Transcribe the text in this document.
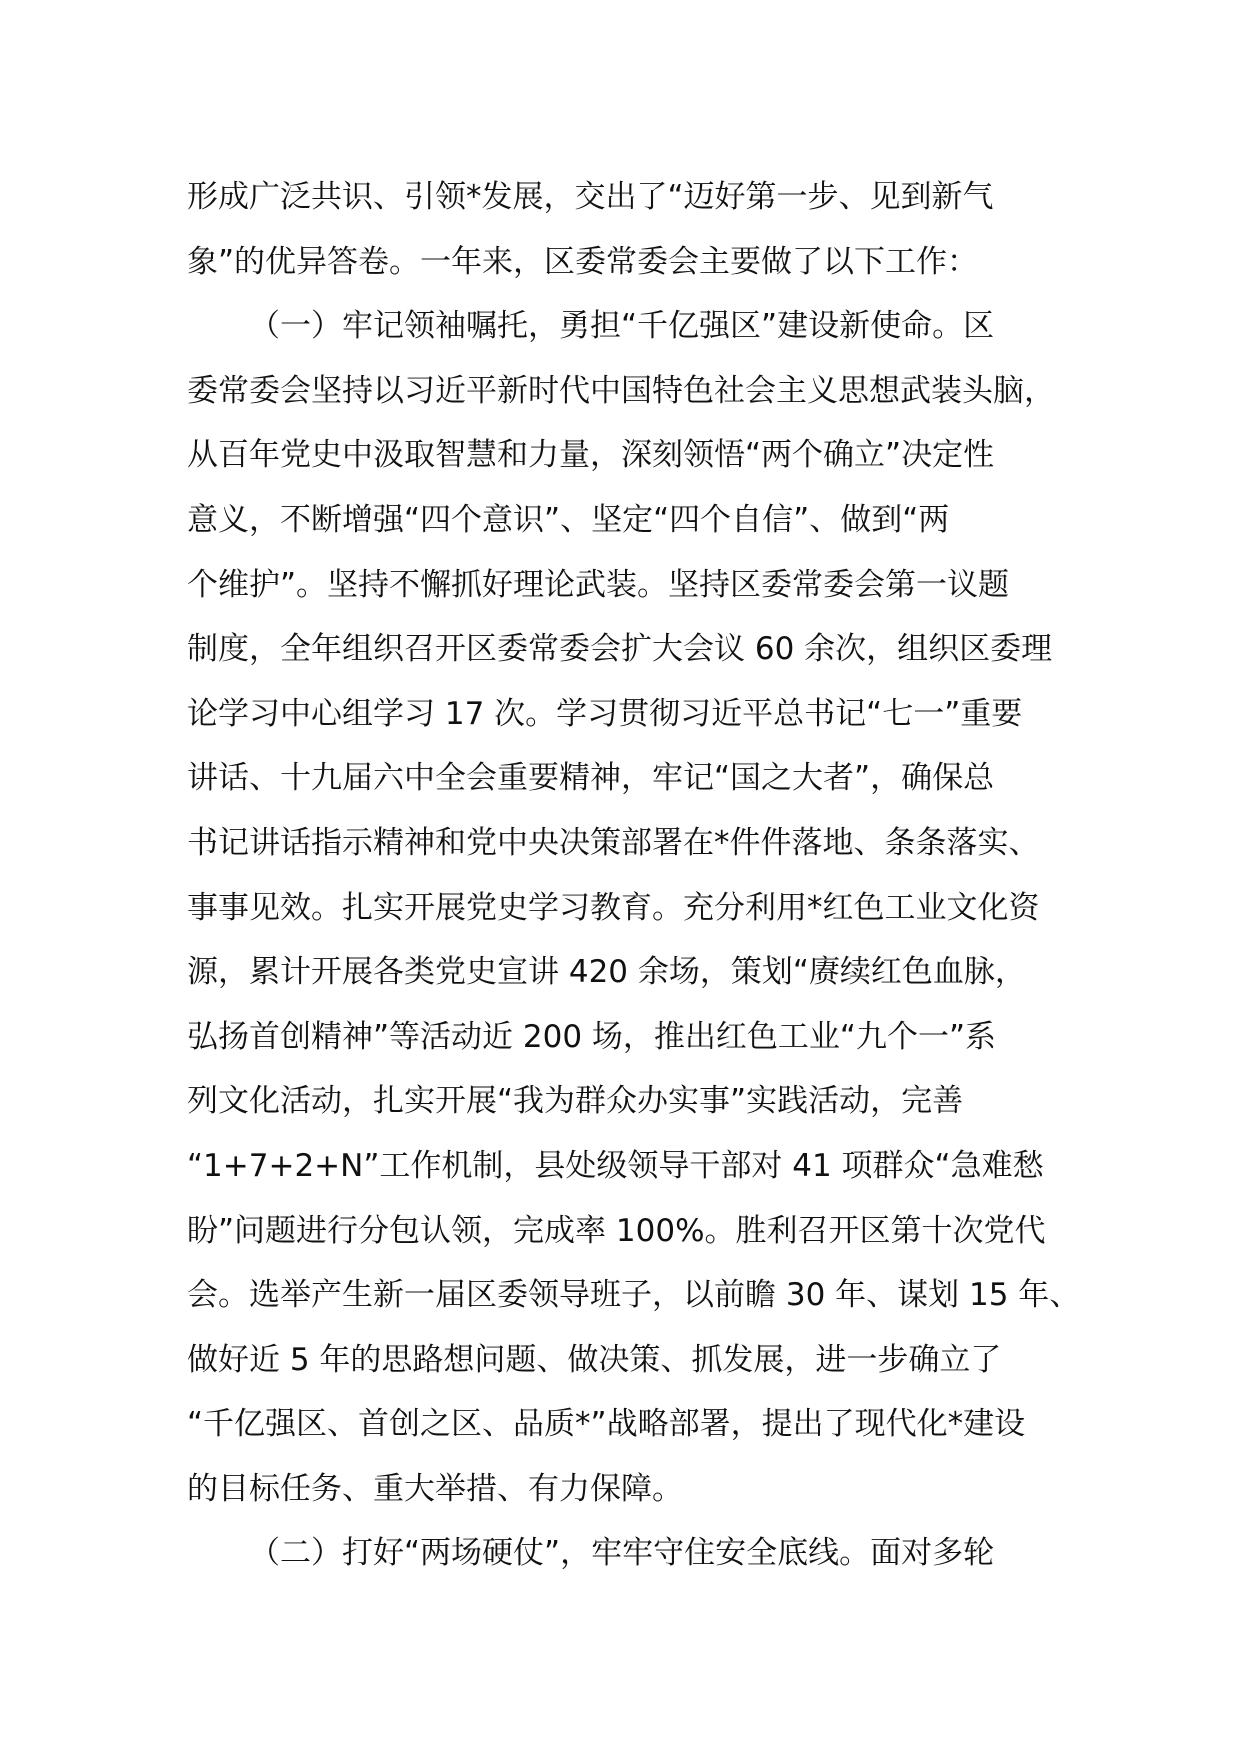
形成广泛共识、引领*发展，交出了“迈好第一步、见到新气
象”的优异答卷。一年来，区委常委会主要做了以下工作：
（一）牢记领袖嘱托，勇担“千亿强区”建设新使命。区
委常委会坚持以习近平新时代中国特色社会主义思想武装头脑，
从百年党史中汲取智慧和力量，深刻领悟“两个确立”决定性
意义，不断增强“四个意识”、坚定“四个自信”、做到“两
个维护”。坚持不懈抓好理论武装。坚持区委常委会第一议题
制度，全年组织召开区委常委会扩大会议 60 余次，组织区委理
论学习中心组学习 17 次。学习贯彻习近平总书记“七一”重要
讲话、十九届六中全会重要精神，牢记“国之大者”，确保总
书记讲话指示精神和党中央决策部署在*件件落地、条条落实、
事事见效。扎实开展党史学习教育。充分利用*红色工业文化资
源，累计开展各类党史宣讲 420 余场，策划“赓续红色血脉，
弘扬首创精神”等活动近 200 场，推出红色工业“九个一”系
列文化活动，扎实开展“我为群众办实事”实践活动，完善
“1+7+2+N”工作机制，县处级领导干部对 41 项群众“急难愁
盼”问题进行分包认领，完成率 100%。胜利召开区第十次党代
会。选举产生新一届区委领导班子，以前瞻 30 年、谋划 15 年、
做好近 5 年的思路想问题、做决策、抓发展，进一步确立了
“千亿强区、首创之区、品质*”战略部署，提出了现代化*建设
的目标任务、重大举措、有力保障。
（二）打好“两场硬仗”，牢牢守住安全底线。面对多轮
